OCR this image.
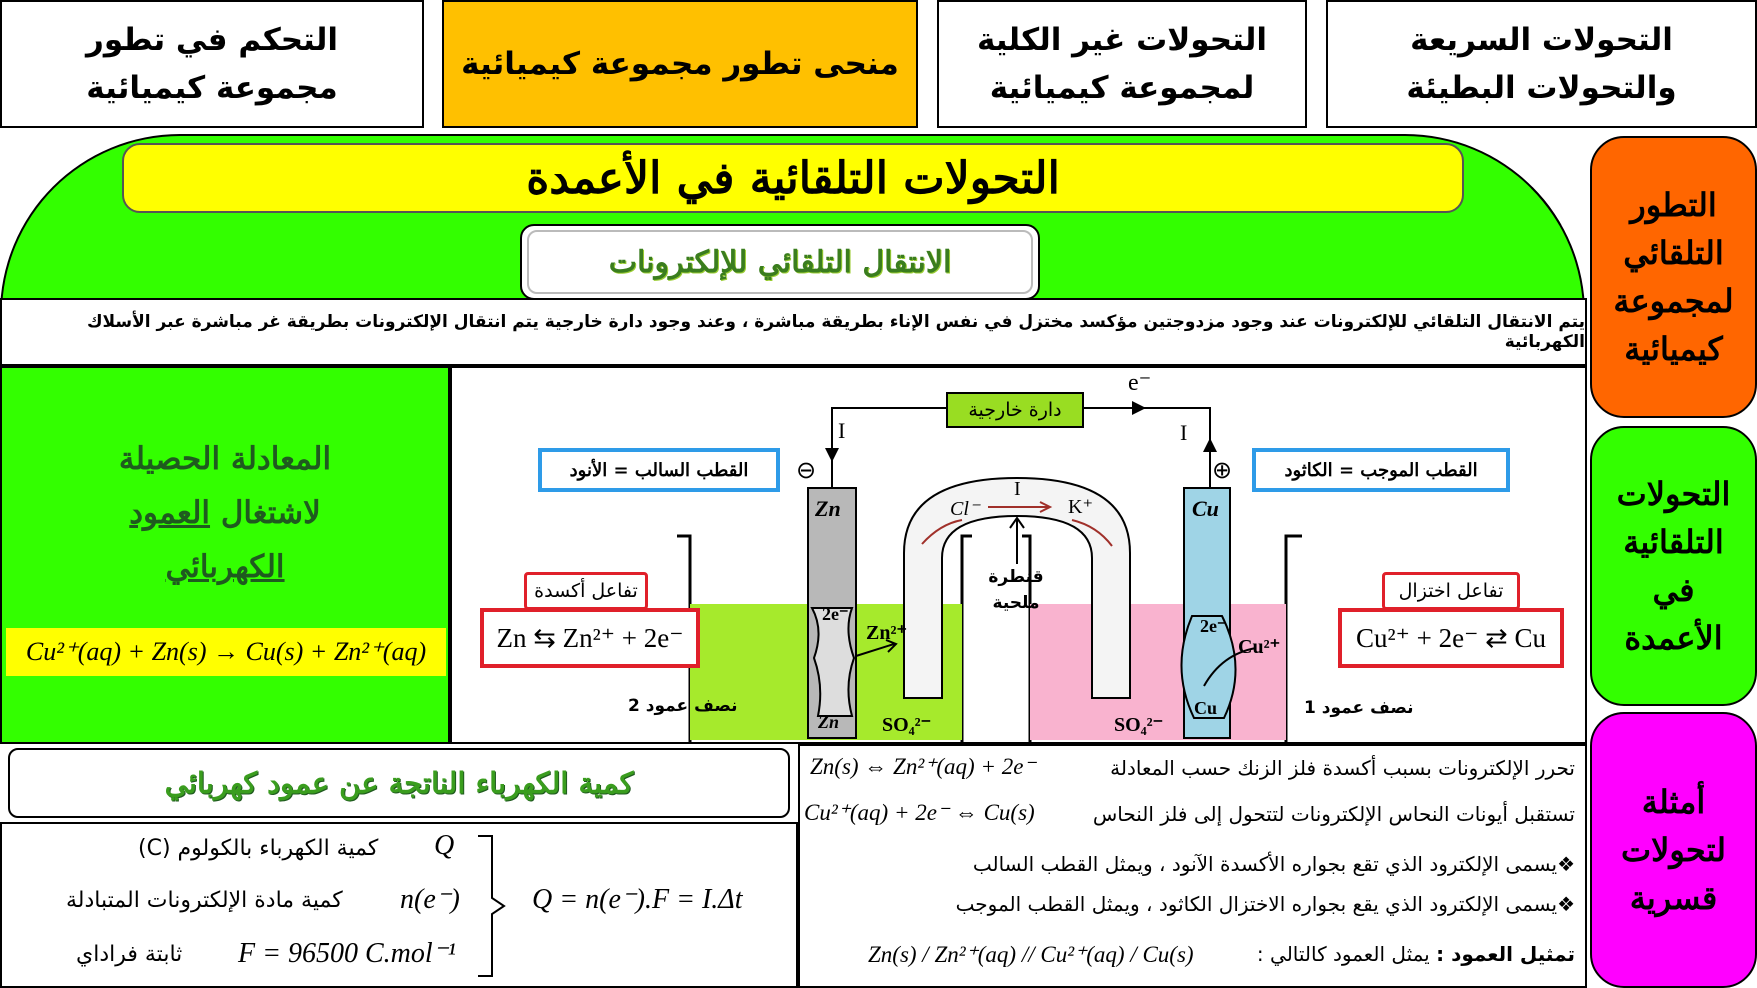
التحكم في تطور مجموعة كيميائية
منحى تطور مجموعة كيميائية
التحولات غير الكلية لمجموعة كيميائية
التحولات السريعة والتحولات البطيئة
التطور التلقائي لمجموعة كيميائية
التحولات التلقائية في الأعمدة
أمثلة لتحولات قسرية
التحولات التلقائية في الأعمدة
الانتقال التلقائي للإلكترونات
يتم الانتقال التلقائي للإلكترونات عند وجود مزدوجتين مؤكسد مختزل في نفس الإناء بطريقة مباشرة ، وعند وجود دارة خارجية يتم انتقال الإلكترونات بطريقة غر مباشرة عبر الأسلاك الكهربائية
المعادلة الحصيلة
لاشتغال العمود
الكهربائي
Cu²⁺(aq) + Zn(s) → Cu(s) + Zn²⁺(aq)
دارة خارجية
e⁻
I	I
القطب السالب = الأنود	القطب الموجب = الكاثود
⊖	⊕
Zn	Cu
Cl⁻
I
K⁺
قنطرة ملحية
تفاعل أكسدة	تفاعل اختزال
Zn ⇆ Zn²⁺ + 2e⁻	Cu²⁺ + 2e⁻ ⇄ Cu
نصف عمود 2	نصف عمود 1
2e⁻
Zn²⁺
Zn SO₄²⁻
2e⁻
Cu²⁺
Cu
SO₄²⁻
كمية الكهرباء الناتجة عن عمود كهربائي
Q
كمية الكهرباء بالكولوم (C)
n(e⁻)
كمية مادة الإلكترونات المتبادلة
F = 96500 C.mol⁻¹
ثابتة فراداي
Q = n(e⁻).F = I.Δt
تحرر الإلكترونات بسبب أكسدة فلز الزنك حسب المعادلة
Zn(s) ⇔ Zn²⁺(aq) + 2e⁻
تستقبل أيونات النحاس الإلكترونات لتتحول إلى فلز النحاس
Cu²⁺(aq) + 2e⁻ ⇔ Cu(s)
❖يسمى الإلكترود الذي تقع بجواره الأكسدة الآنود ، ويمثل القطب السالب
❖يسمى الإلكترود الذي يقع بجواره الاختزال الكاثود ، ويمثل القطب الموجب
تمثيل العمود : يمثل العمود كالتالي :
Zn(s) / Zn²⁺(aq) // Cu²⁺(aq) / Cu(s)
